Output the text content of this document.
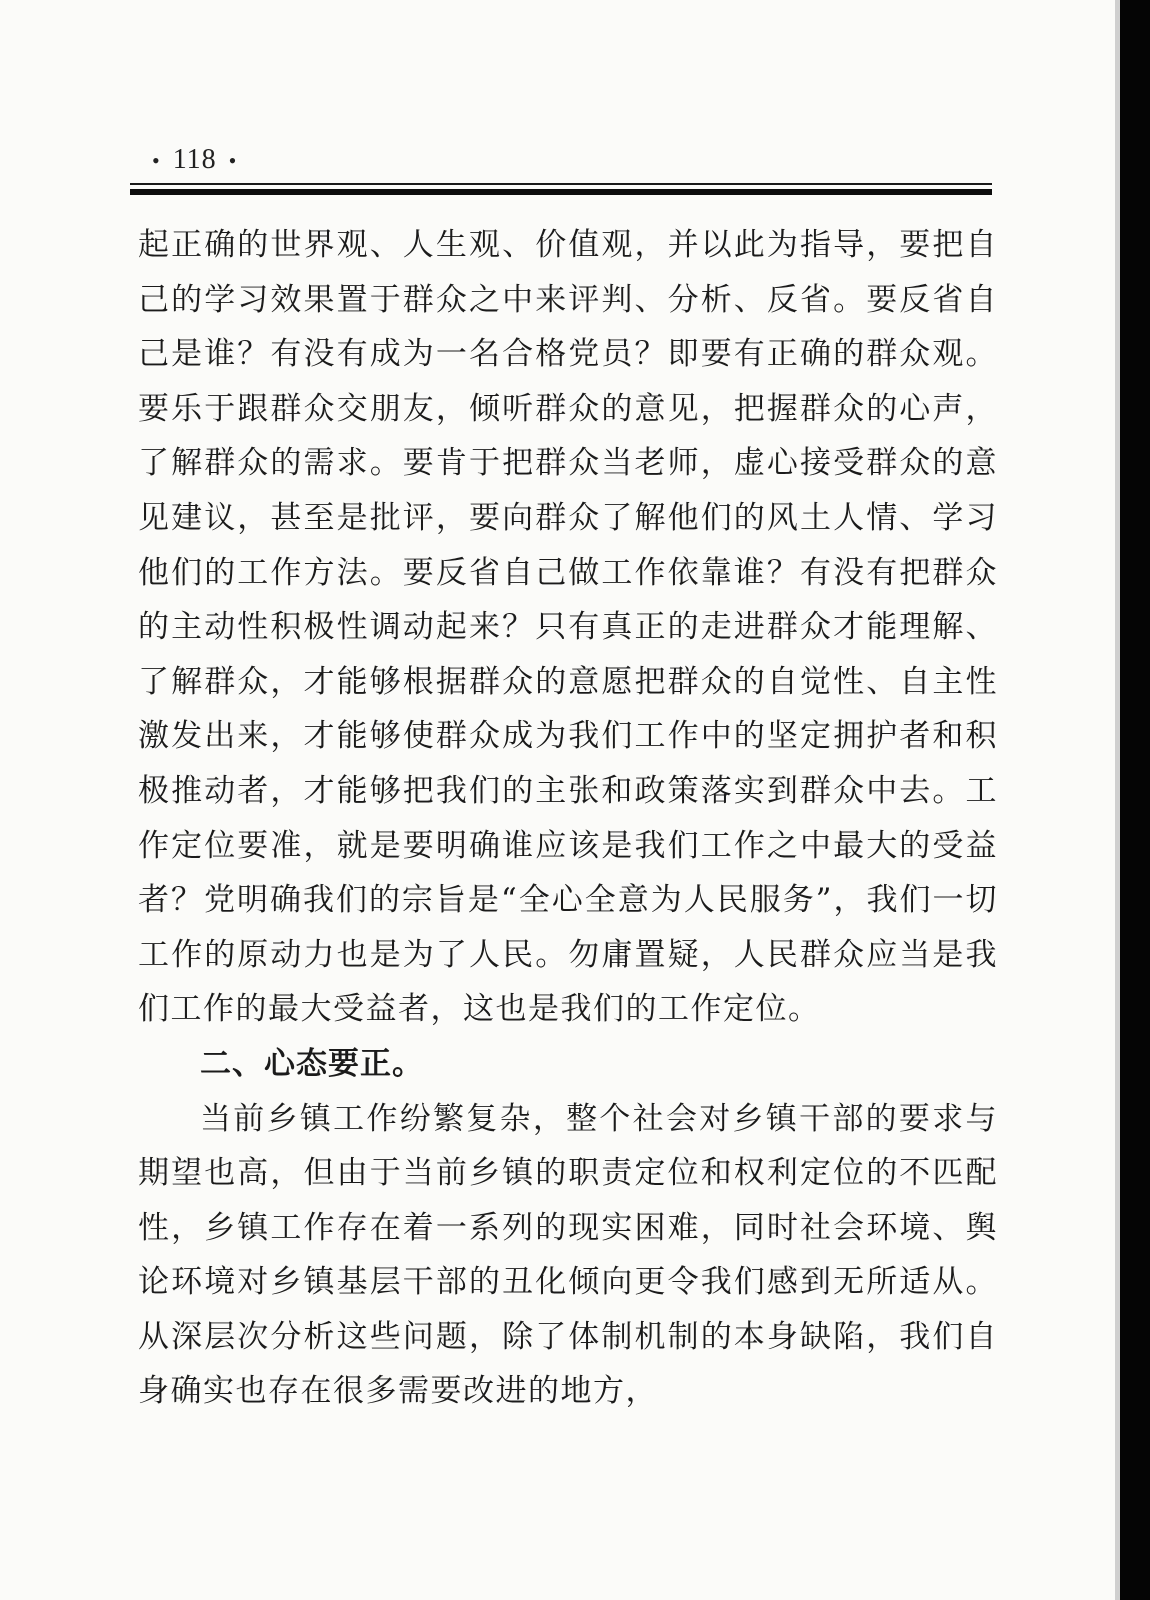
• 118 •

起正确的世界观、人生观、价值观，并以此为指导，要把自己的学习效果置于群众之中来评判、分析、反省。要反省自己是谁？有没有成为一名合格党员？即要有正确的群众观。要乐于跟群众交朋友，倾听群众的意见，把握群众的心声，了解群众的需求。要肯于把群众当老师，虚心接受群众的意见建议，甚至是批评，要向群众了解他们的风土人情、学习他们的工作方法。要反省自己做工作依靠谁？有没有把群众的主动性积极性调动起来？只有真正的走进群众才能理解、了解群众，才能够根据群众的意愿把群众的自觉性、自主性激发出来，才能够使群众成为我们工作中的坚定拥护者和积极推动者，才能够把我们的主张和政策落实到群众中去。工作定位要准，就是要明确谁应该是我们工作之中最大的受益者？党明确我们的宗旨是“全心全意为人民服务”，我们一切工作的原动力也是为了人民。勿庸置疑，人民群众应当是我们工作的最大受益者，这也是我们的工作定位。

二、心态要正。

当前乡镇工作纷繁复杂，整个社会对乡镇干部的要求与期望也高，但由于当前乡镇的职责定位和权利定位的不匹配性，乡镇工作存在着一系列的现实困难，同时社会环境、舆论环境对乡镇基层干部的丑化倾向更令我们感到无所适从。从深层次分析这些问题，除了体制机制的本身缺陷，我们自身确实也存在很多需要改进的地方，
